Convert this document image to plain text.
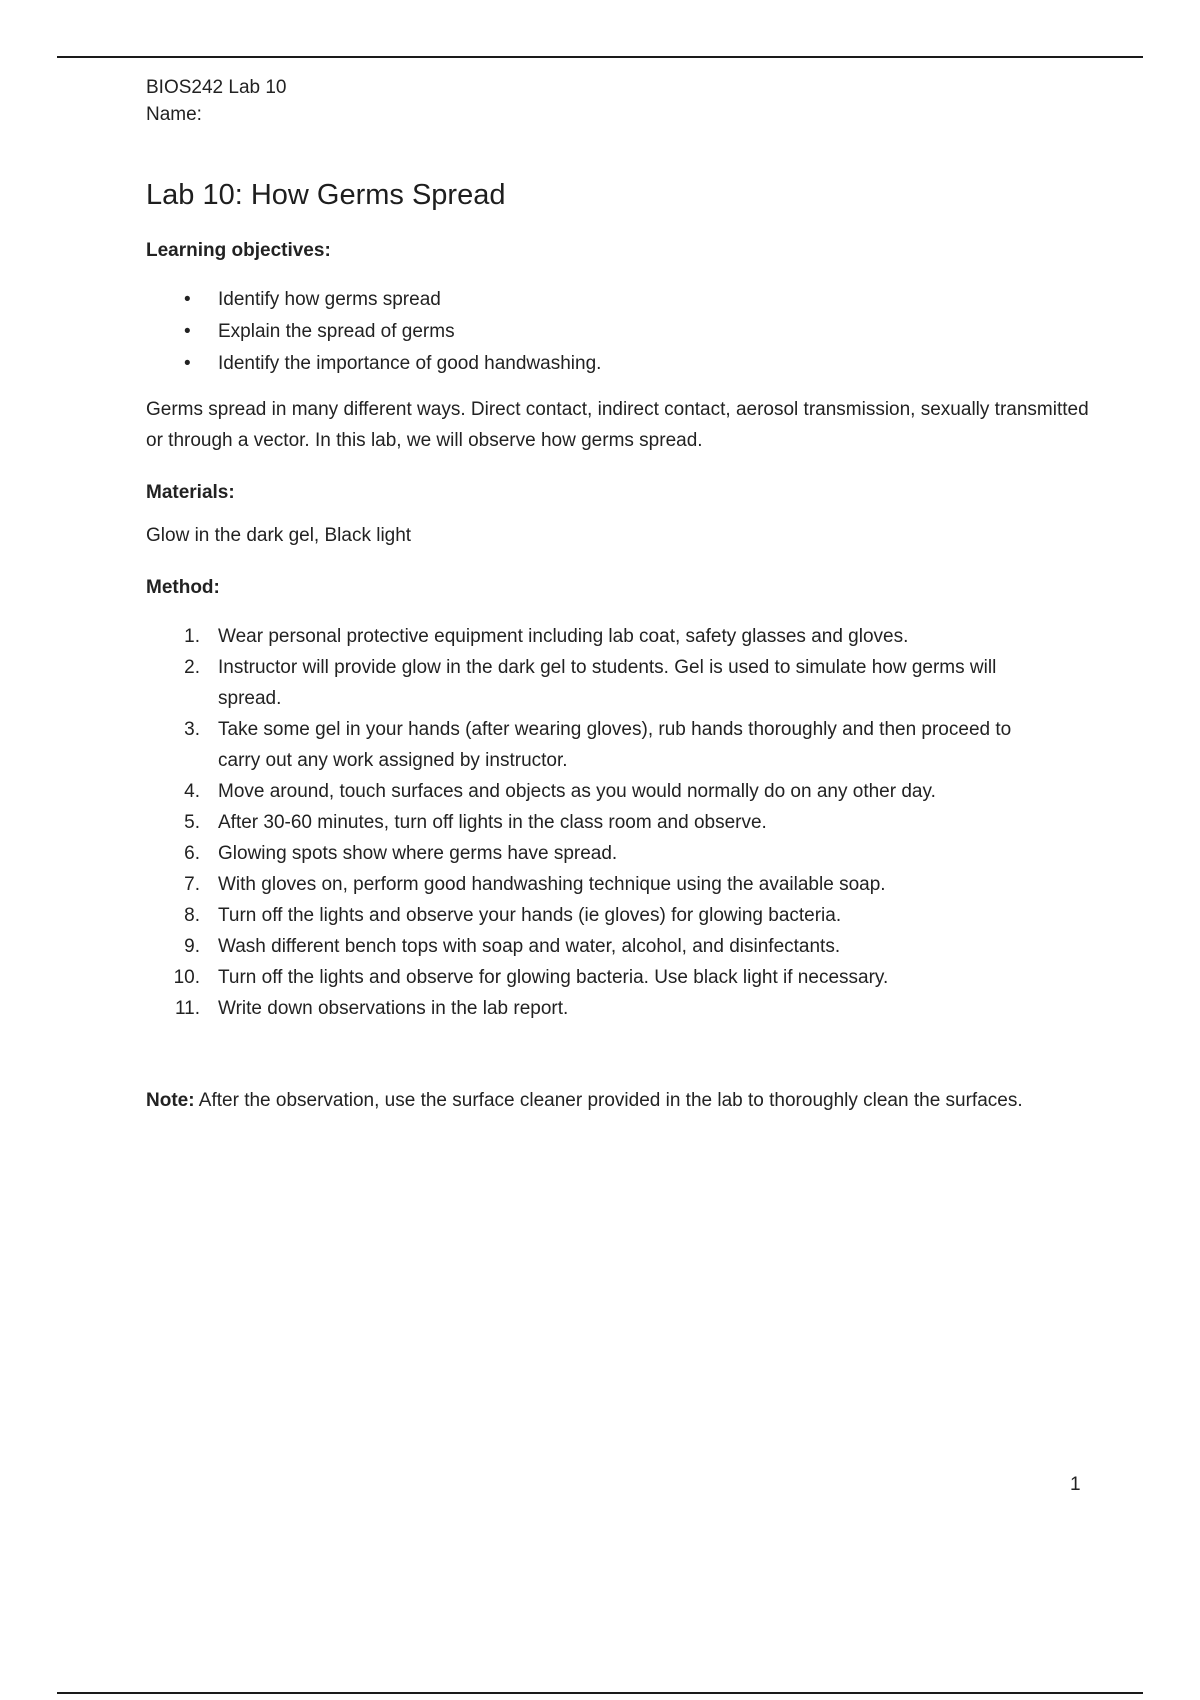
BIOS242 Lab 10

Name:

Lab 10: How Germs Spread

Learning objectives:

• Identify how germs spread
• Explain the spread of germs
• Identify the importance of good handwashing.

Germs spread in many different ways. Direct contact, indirect contact, aerosol transmission, sexually transmitted or through a vector. In this lab, we will observe how germs spread.

Materials:

Glow in the dark gel, Black light

Method:

1. Wear personal protective equipment including lab coat, safety glasses and gloves.
2. Instructor will provide glow in the dark gel to students. Gel is used to simulate how germs will spread.
3. Take some gel in your hands (after wearing gloves), rub hands thoroughly and then proceed to carry out any work assigned by instructor.
4. Move around, touch surfaces and objects as you would normally do on any other day.
5. After 30-60 minutes, turn off lights in the class room and observe.
6. Glowing spots show where germs have spread.
7. With gloves on, perform good handwashing technique using the available soap.
8. Turn off the lights and observe your hands (ie gloves) for glowing bacteria.
9. Wash different bench tops with soap and water, alcohol, and disinfectants.
10. Turn off the lights and observe for glowing bacteria. Use black light if necessary.
11. Write down observations in the lab report.

Note: After the observation, use the surface cleaner provided in the lab to thoroughly clean the surfaces.

1
